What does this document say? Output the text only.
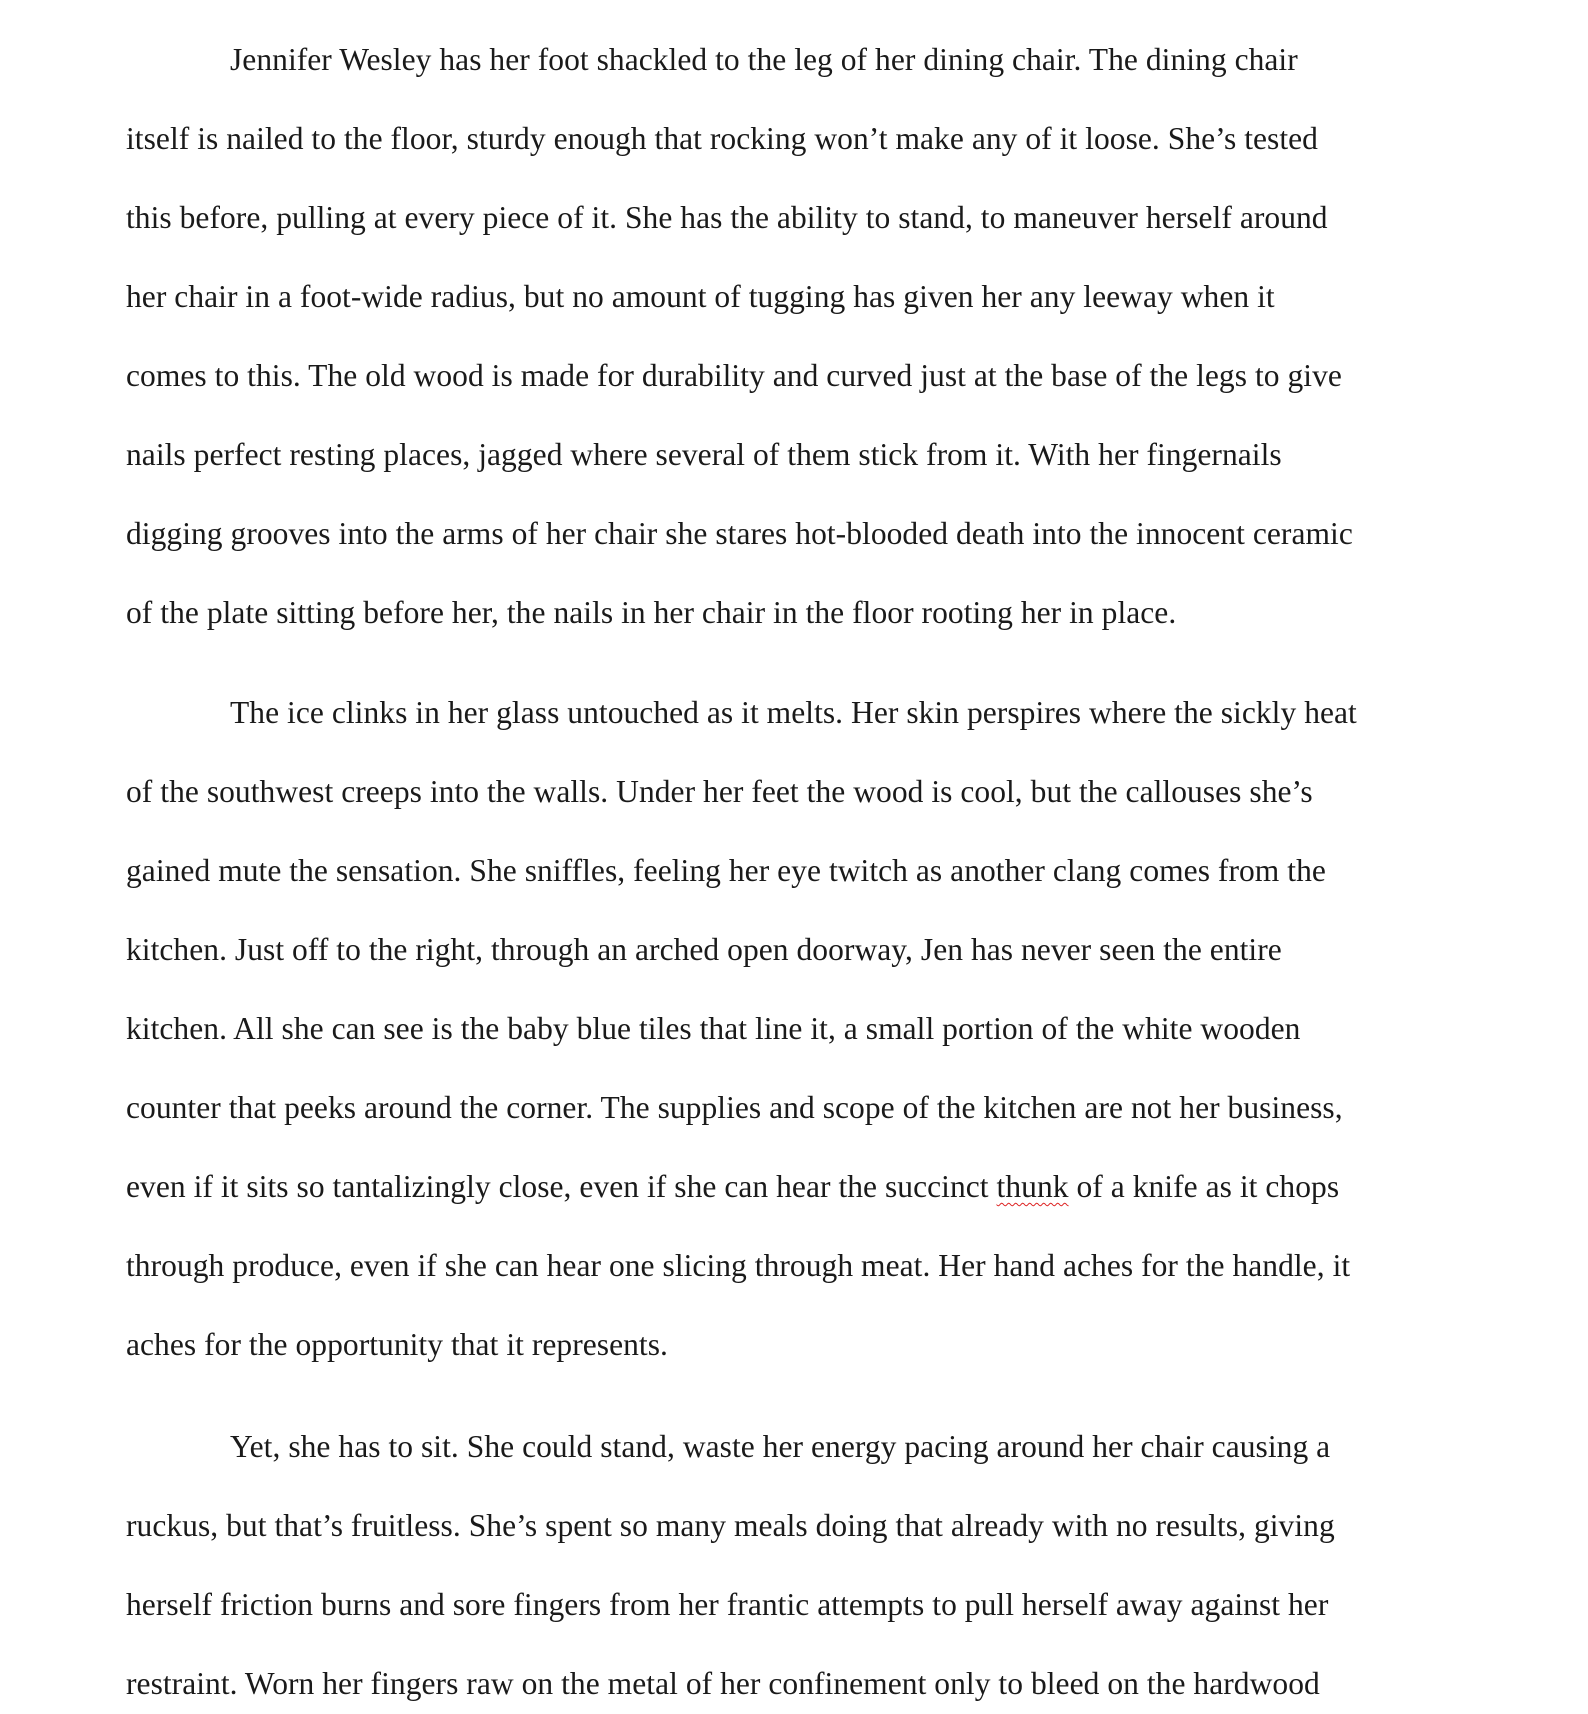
Jennifer Wesley has her foot shackled to the leg of her dining chair. The dining chair
itself is nailed to the floor, sturdy enough that rocking won’t make any of it loose. She’s tested
this before, pulling at every piece of it. She has the ability to stand, to maneuver herself around
her chair in a foot-wide radius, but no amount of tugging has given her any leeway when it
comes to this. The old wood is made for durability and curved just at the base of the legs to give
nails perfect resting places, jagged where several of them stick from it. With her fingernails
digging grooves into the arms of her chair she stares hot-blooded death into the innocent ceramic
of the plate sitting before her, the nails in her chair in the floor rooting her in place.
The ice clinks in her glass untouched as it melts. Her skin perspires where the sickly heat
of the southwest creeps into the walls. Under her feet the wood is cool, but the callouses she’s
gained mute the sensation. She sniffles, feeling her eye twitch as another clang comes from the
kitchen. Just off to the right, through an arched open doorway, Jen has never seen the entire
kitchen. All she can see is the baby blue tiles that line it, a small portion of the white wooden
counter that peeks around the corner. The supplies and scope of the kitchen are not her business,
even if it sits so tantalizingly close, even if she can hear the succinct thunk of a knife as it chops
through produce, even if she can hear one slicing through meat. Her hand aches for the handle, it
aches for the opportunity that it represents.
Yet, she has to sit. She could stand, waste her energy pacing around her chair causing a
ruckus, but that’s fruitless. She’s spent so many meals doing that already with no results, giving
herself friction burns and sore fingers from her frantic attempts to pull herself away against her
restraint. Worn her fingers raw on the metal of her confinement only to bleed on the hardwood
